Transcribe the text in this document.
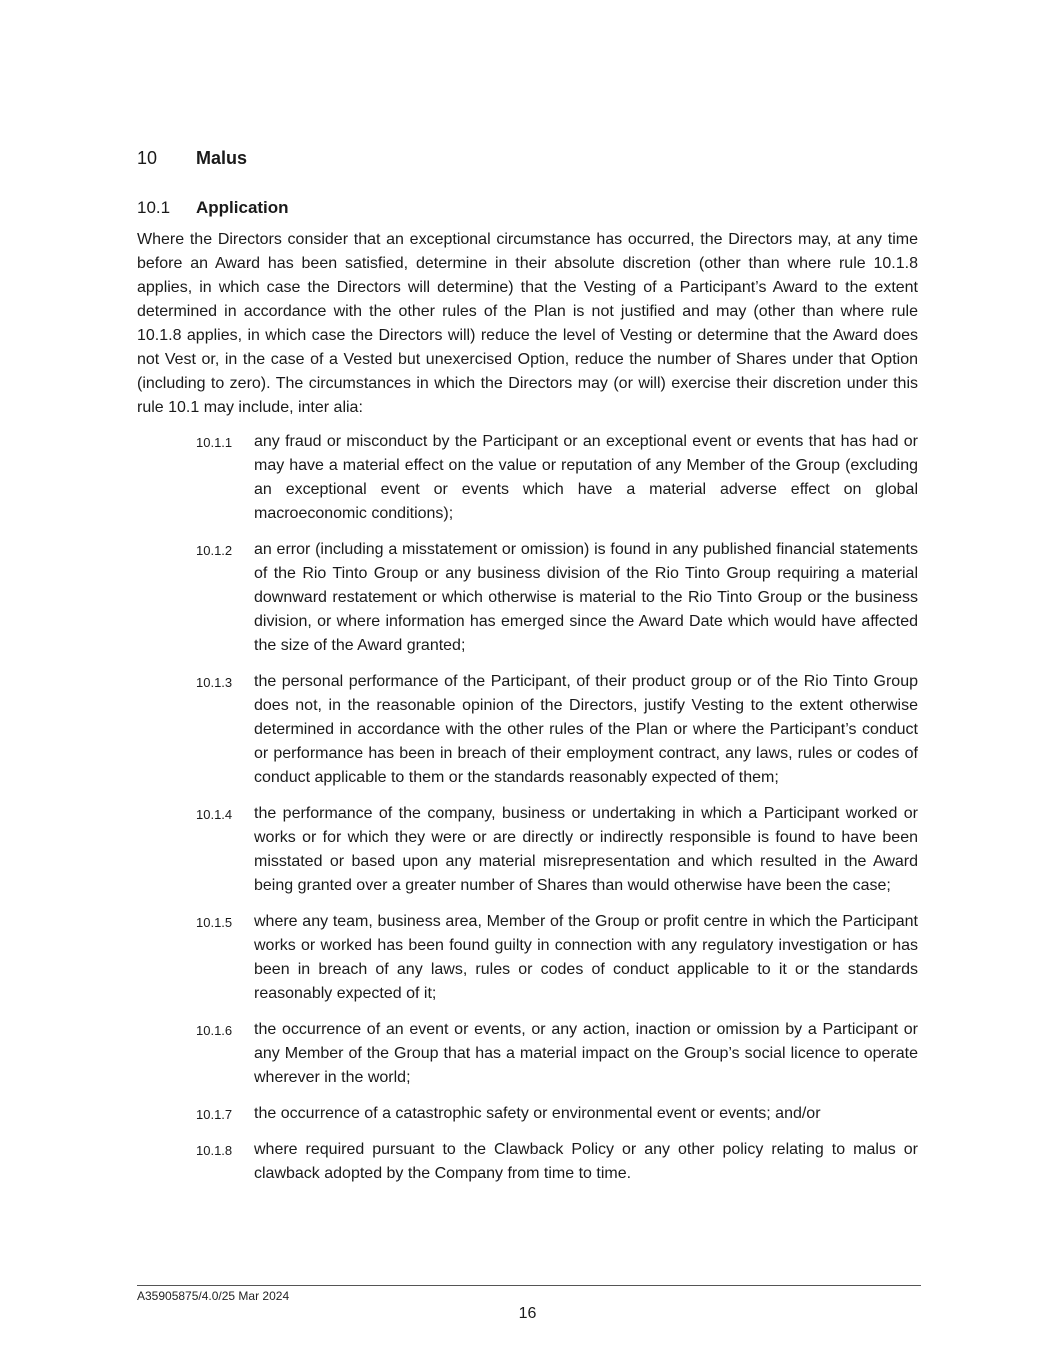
10 Malus
10.1 Application

Where the Directors consider that an exceptional circumstance has occurred, the Directors may, at any time before an Award has been satisfied, determine in their absolute discretion (other than where rule 10.1.8 applies, in which case the Directors will determine) that the Vesting of a Participant’s Award to the extent determined in accordance with the other rules of the Plan is not justified and may (other than where rule 10.1.8 applies, in which case the Directors will) reduce the level of Vesting or determine that the Award does not Vest or, in the case of a Vested but unexercised Option, reduce the number of Shares under that Option (including to zero). The circumstances in which the Directors may (or will) exercise their discretion under this rule 10.1 may include, inter alia:

10.1.1 any fraud or misconduct by the Participant or an exceptional event or events that has had or may have a material effect on the value or reputation of any Member of the Group (excluding an exceptional event or events which have a material adverse effect on global macroeconomic conditions);
10.1.2 an error (including a misstatement or omission) is found in any published financial statements of the Rio Tinto Group or any business division of the Rio Tinto Group requiring a material downward restatement or which otherwise is material to the Rio Tinto Group or the business division, or where information has emerged since the Award Date which would have affected the size of the Award granted;
10.1.3 the personal performance of the Participant, of their product group or of the Rio Tinto Group does not, in the reasonable opinion of the Directors, justify Vesting to the extent otherwise determined in accordance with the other rules of the Plan or where the Participant’s conduct or performance has been in breach of their employment contract, any laws, rules or codes of conduct applicable to them or the standards reasonably expected of them;
10.1.4 the performance of the company, business or undertaking in which a Participant worked or works or for which they were or are directly or indirectly responsible is found to have been misstated or based upon any material misrepresentation and which resulted in the Award being granted over a greater number of Shares than would otherwise have been the case;
10.1.5 where any team, business area, Member of the Group or profit centre in which the Participant works or worked has been found guilty in connection with any regulatory investigation or has been in breach of any laws, rules or codes of conduct applicable to it or the standards reasonably expected of it;
10.1.6 the occurrence of an event or events, or any action, inaction or omission by a Participant or any Member of the Group that has a material impact on the Group’s social licence to operate wherever in the world;
10.1.7 the occurrence of a catastrophic safety or environmental event or events; and/or
10.1.8 where required pursuant to the Clawback Policy or any other policy relating to malus or clawback adopted by the Company from time to time.
A35905875/4.0/25 Mar 2024
16
